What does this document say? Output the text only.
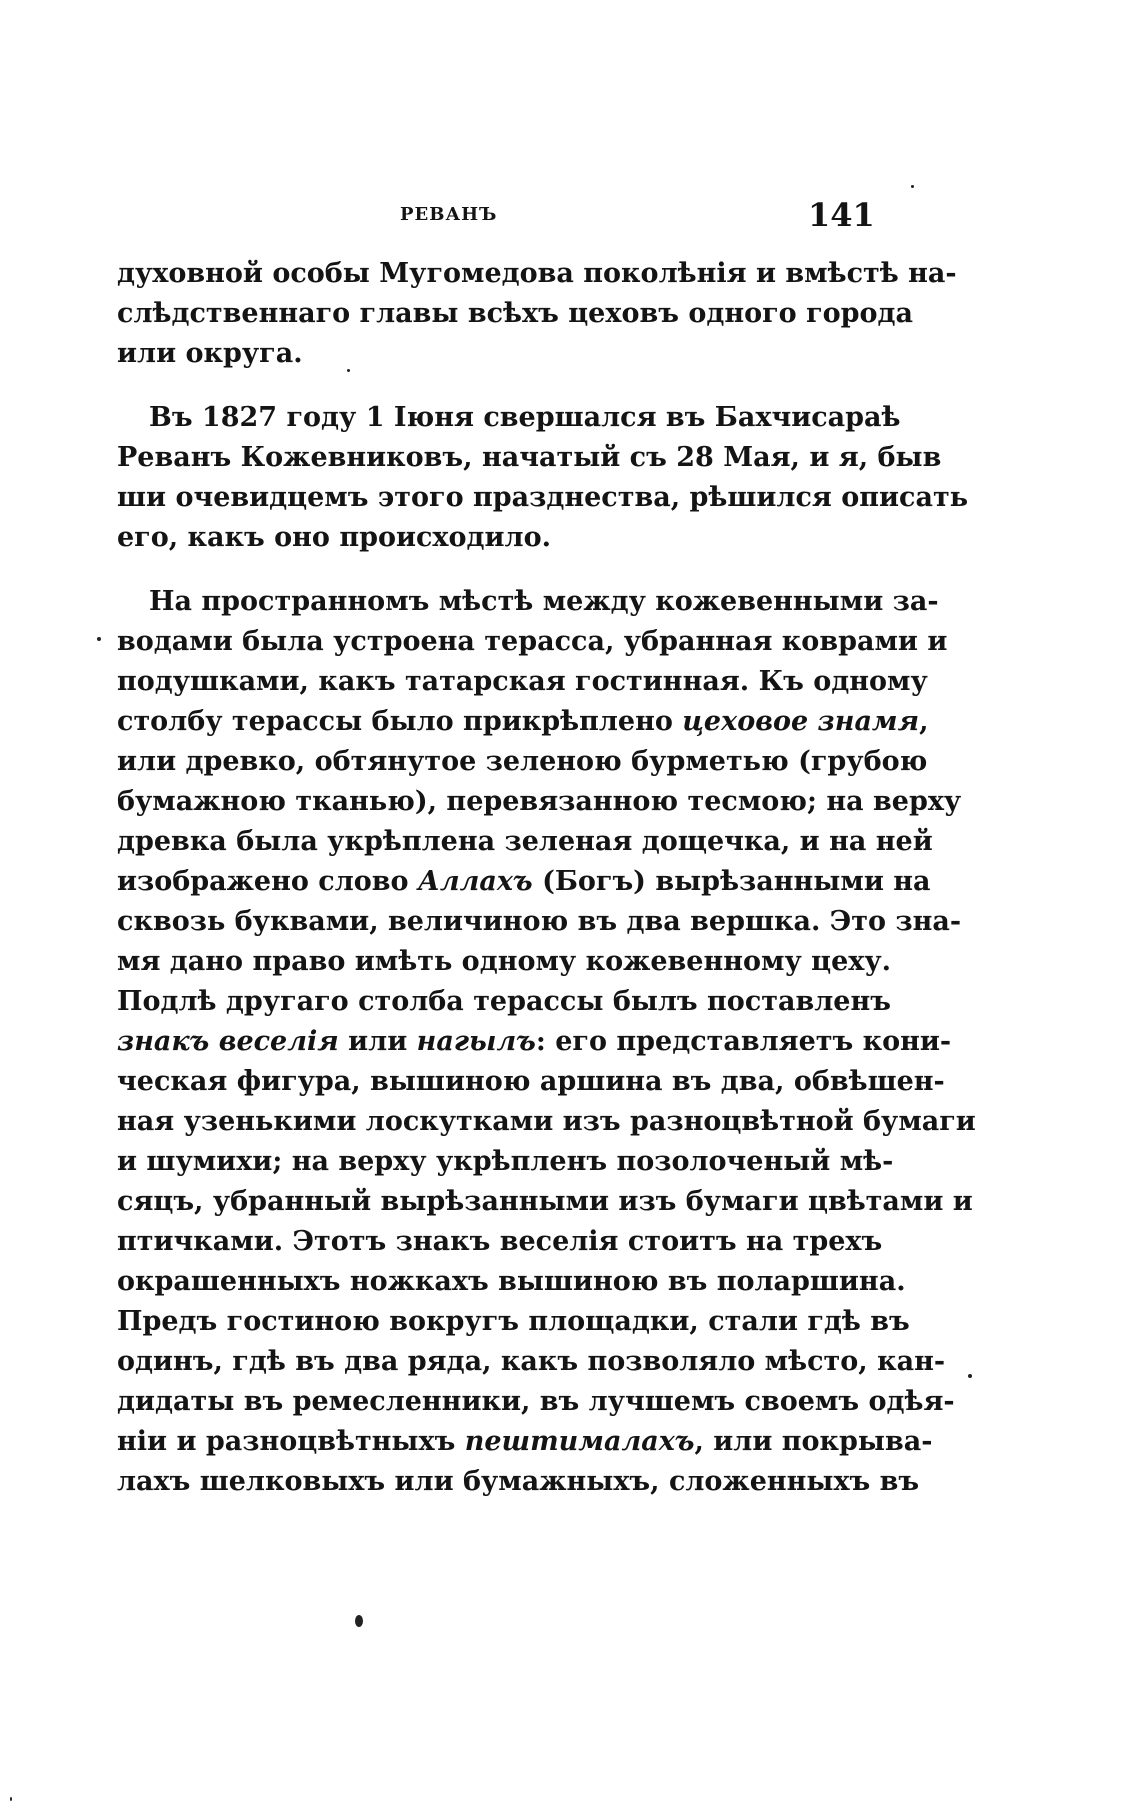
РЕВАНЪ	141
духовной особы Мугомедова поколѣнія и вмѣстѣ на-
слѣдственнаго главы всѣхъ цеховъ одного города
или округа.
Въ 1827 году 1 Іюня свершался въ Бахчисараѣ
Реванъ Кожевниковъ, начатый съ 28 Мая, и я, быв
ши очевидцемъ этого празднества, рѣшился описать
его, какъ оно происходило.
На пространномъ мѣстѣ между кожевенными за-
водами была устроена терасса, убранная коврами и
подушками, какъ татарская гостинная. Къ одному
столбу терассы было прикрѣплено цеховое знамя,
или древко, обтянутое зеленою бурметью (грубою
бумажною тканью), перевязанною тесмою; на верху
древка была укрѣплена зеленая дощечка, и на ней
изображено слово Аллахъ (Богъ) вырѣзанными на
сквозь буквами, величиною въ два вершка. Это зна-
мя дано право имѣть одному кожевенному цеху.
Подлѣ другаго столба терассы былъ поставленъ
знакъ веселія или нагылъ: его представляетъ кони-
ческая фигура, вышиною аршина въ два, обвѣшен-
ная узенькими лоскутками изъ разноцвѣтной бумаги
и шумихи; на верху укрѣпленъ позолоченый мѣ-
сяцъ, убранный вырѣзанными изъ бумаги цвѣтами и
птичками. Этотъ знакъ веселія стоитъ на трехъ
окрашенныхъ ножкахъ вышиною въ поларшина.
Предъ гостиною вокругъ площадки, стали гдѣ въ
одинъ, гдѣ въ два ряда, какъ позволяло мѣсто, кан-
дидаты въ ремесленники, въ лучшемъ своемъ одѣя-
ніи и разноцвѣтныхъ пештималахъ, или покрыва-
лахъ шелковыхъ или бумажныхъ, сложенныхъ въ
